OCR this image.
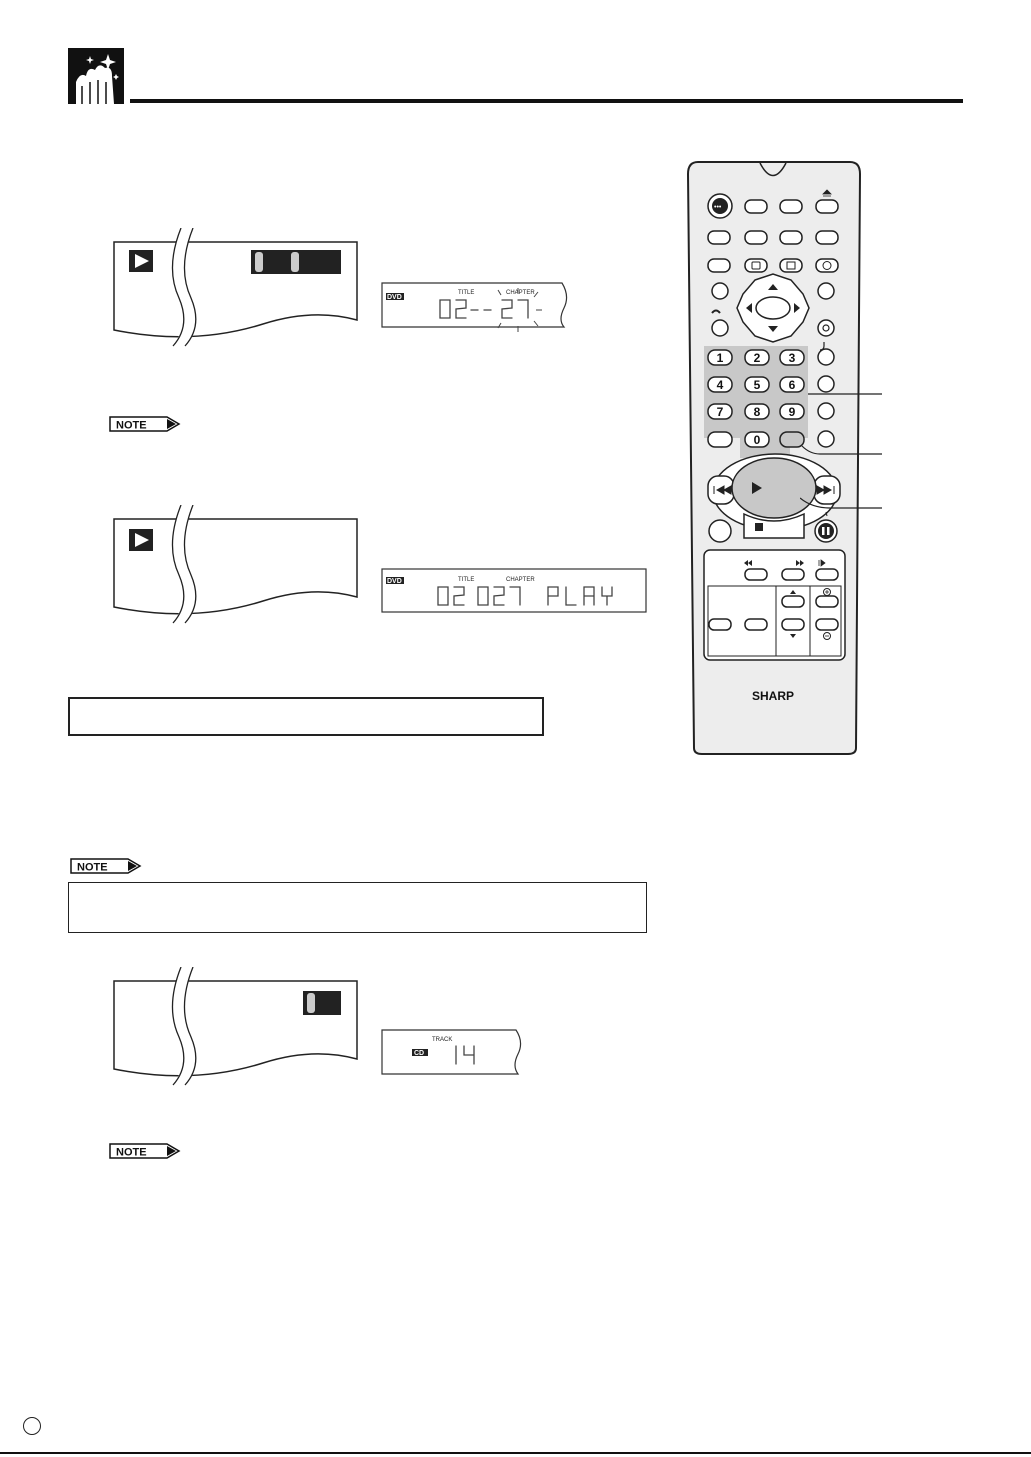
DVD
TITLE	CHAPTER
NOTE
DVD	TITLE	CHAPTER
NOTE
TRACK
CD
NOTE
•••
1	2 3
4	5 6
7	8 9
0
SHARP
